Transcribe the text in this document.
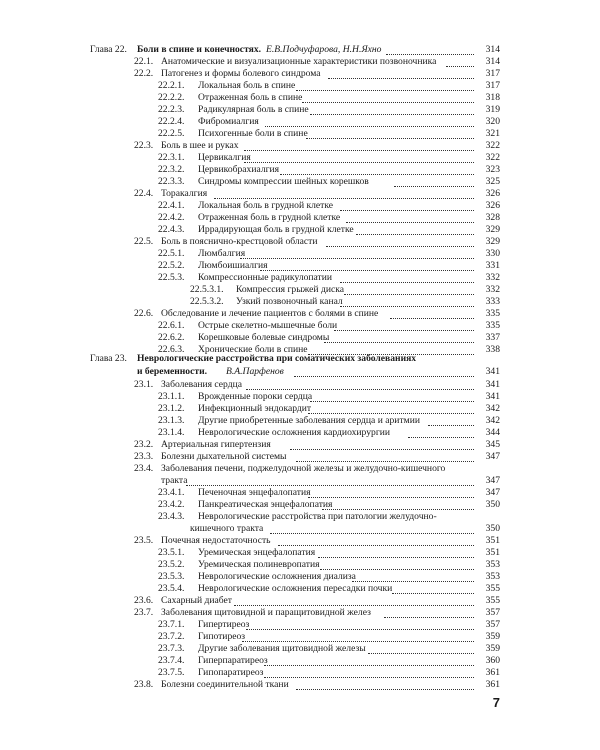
Глава 22. Боли в спине и конечностях. Е.В.Подчуфарова, Н.Н.Яхно	314
22.1. Анатомические и визуализационные характеристики позвоночника	314
22.2. Патогенез и формы болевого синдрома	317
22.2.1. Локальная боль в спине	317
22.2.2. Отраженная боль в спине	318
22.2.3. Радикулярная боль в спине	319
22.2.4. Фибромиалгия	320
22.2.5. Психогенные боли в спине	321
22.3. Боль в шее и руках	322
22.3.1. Цервикалгия	322
22.3.2. Цервикобрахиалгия	323
22.3.3. Синдромы компрессии шейных корешков	325
22.4. Торакалгия	326
22.4.1. Локальная боль в грудной клетке	326
22.4.2. Отраженная боль в грудной клетке	328
22.4.3. Иррадирующая боль в грудной клетке	329
22.5. Боль в пояснично-крестцовой области	329
22.5.1. Люмбалгия	330
22.5.2. Люмбоишиалгия	331
22.5.3. Компрессионные радикулопатии	332
22.5.3.1. Компрессия грыжей диска	332
22.5.3.2. Узкий позвоночный канал	333
22.6. Обследование и лечение пациентов с болями в спине	335
22.6.1. Острые скелетно-мышечные боли	335
22.6.2. Корешковые болевые синдромы	337
22.6.3. Хронические боли в спине	338
Глава 23. Неврологические расстройства при соматических заболеваниях
и беременности. В.А.Парфенов	341
23.1. Заболевания сердца	341
23.1.1. Врожденные пороки сердца	341
23.1.2. Инфекционный эндокардит	342
23.1.3. Другие приобретенные заболевания сердца и аритмии	342
23.1.4. Неврологические осложнения кардиохирургии	344
23.2. Артериальная гипертензия	345
23.3. Болезни дыхательной системы	347
23.4. Заболевания печени, поджелудочной железы и желудочно-кишечного
тракта	347
23.4.1. Печеночная энцефалопатия	347
23.4.2. Панкреатическая энцефалопатия	350
23.4.3. Неврологические расстройства при патологии желудочно-
кишечного тракта	350
23.5. Почечная недостаточность	351
23.5.1. Уремическая энцефалопатия	351
23.5.2. Уремическая полиневропатия	353
23.5.3. Неврологические осложнения диализа	353
23.5.4. Неврологические осложнения пересадки почки	355
23.6. Сахарный диабет	355
23.7. Заболевания щитовидной и паращитовидной желез	357
23.7.1. Гипертиреоз	357
23.7.2. Гипотиреоз	359
23.7.3. Другие заболевания щитовидной железы	359
23.7.4. Гиперпаратиреоз	360
23.7.5. Гипопаратиреоз	361
23.8. Болезни соединительной ткани	361
7
